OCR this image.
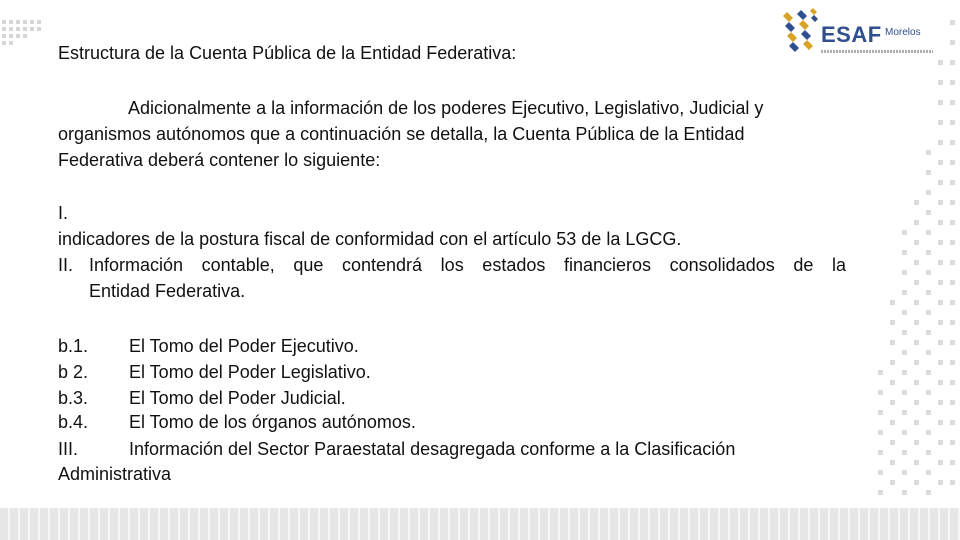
ESAF Morelos
Estructura de la Cuenta Pública de la Entidad Federativa:
Adicionalmente a la información de los poderes Ejecutivo, Legislativo, Judicial y
organismos autónomos que a continuación se detalla, la Cuenta Pública de la Entidad
Federativa deberá contener lo siguiente:
I.
indicadores de la postura fiscal de conformidad con el artículo 53 de la LGCG.
II. Información contable, que contendrá los estados financieros consolidados de la
Entidad Federativa.
b.1. El Tomo del Poder Ejecutivo.
b 2. El Tomo del Poder Legislativo.
b.3. El Tomo del Poder Judicial.
b.4. El Tomo de los órganos autónomos.
III.	Información del Sector Paraestatal desagregada conforme a la Clasificación
Administrativa
